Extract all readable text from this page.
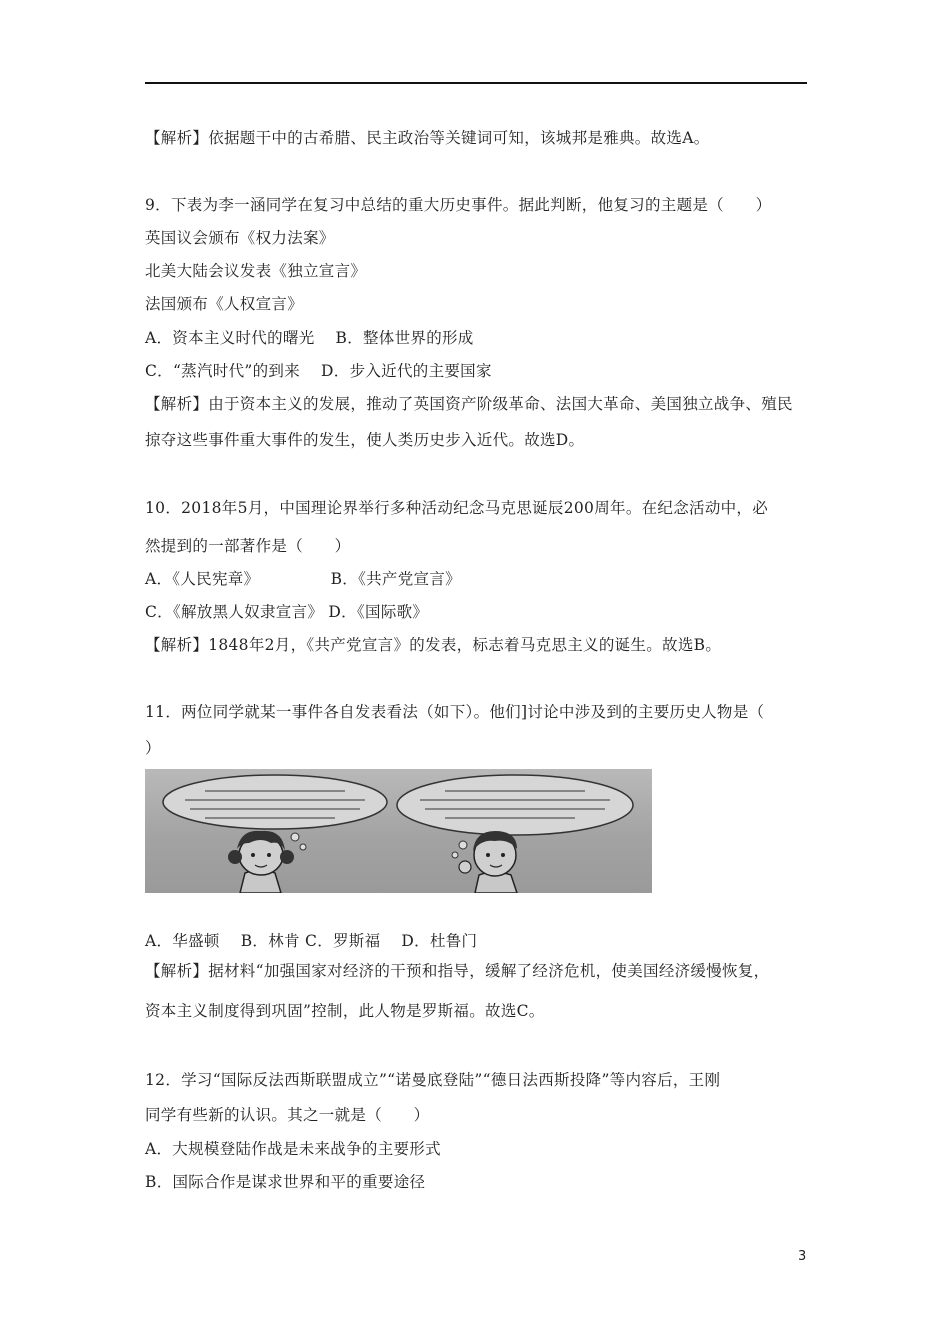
【解析】依据题干中的古希腊、民主政治等关键词可知，该城邦是雅典。故选A。
9．下表为李一涵同学在复习中总结的重大历史事件。据此判断，他复习的主题是（　　）
英国议会颁布《权力法案》
北美大陆会议发表《独立宣言》
法国颁布《人权宣言》
A．资本主义时代的曙光　 B．整体世界的形成
C．“蒸汽时代”的到来　 D．步入近代的主要国家
【解析】由于资本主义的发展，推动了英国资产阶级革命、法国大革命、美国独立战争、殖民
掠夺这些事件重大事件的发生，使人类历史步入近代。故选D。
10．2018年5月，中国理论界举行多种活动纪念马克思诞辰200周年。在纪念活动中，必
然提到的一部著作是（　　）
A．《人民宪章》　　　　　B．《共产党宣言》
C．《解放黑人奴隶宣言》 D．《国际歌》
【解析】1848年2月，《共产党宣言》的发表，标志着马克思主义的诞生。故选B。
11．两位同学就某一事件各自发表看法（如下）。他们]讨论中涉及到的主要历史人物是（
）
A．华盛顿　 B．林肯 C．罗斯福　 D．杜鲁门
【解析】据材料“加强国家对经济的干预和指导，缓解了经济危机，使美国经济缓慢恢复，
资本主义制度得到巩固”控制，此人物是罗斯福。故选C。
12．学习“国际反法西斯联盟成立”“诺曼底登陆”“德日法西斯投降”等内容后，王刚
同学有些新的认识。其之一就是（　　）
A．大规模登陆作战是未来战争的主要形式
B．国际合作是谋求世界和平的重要途径
3
